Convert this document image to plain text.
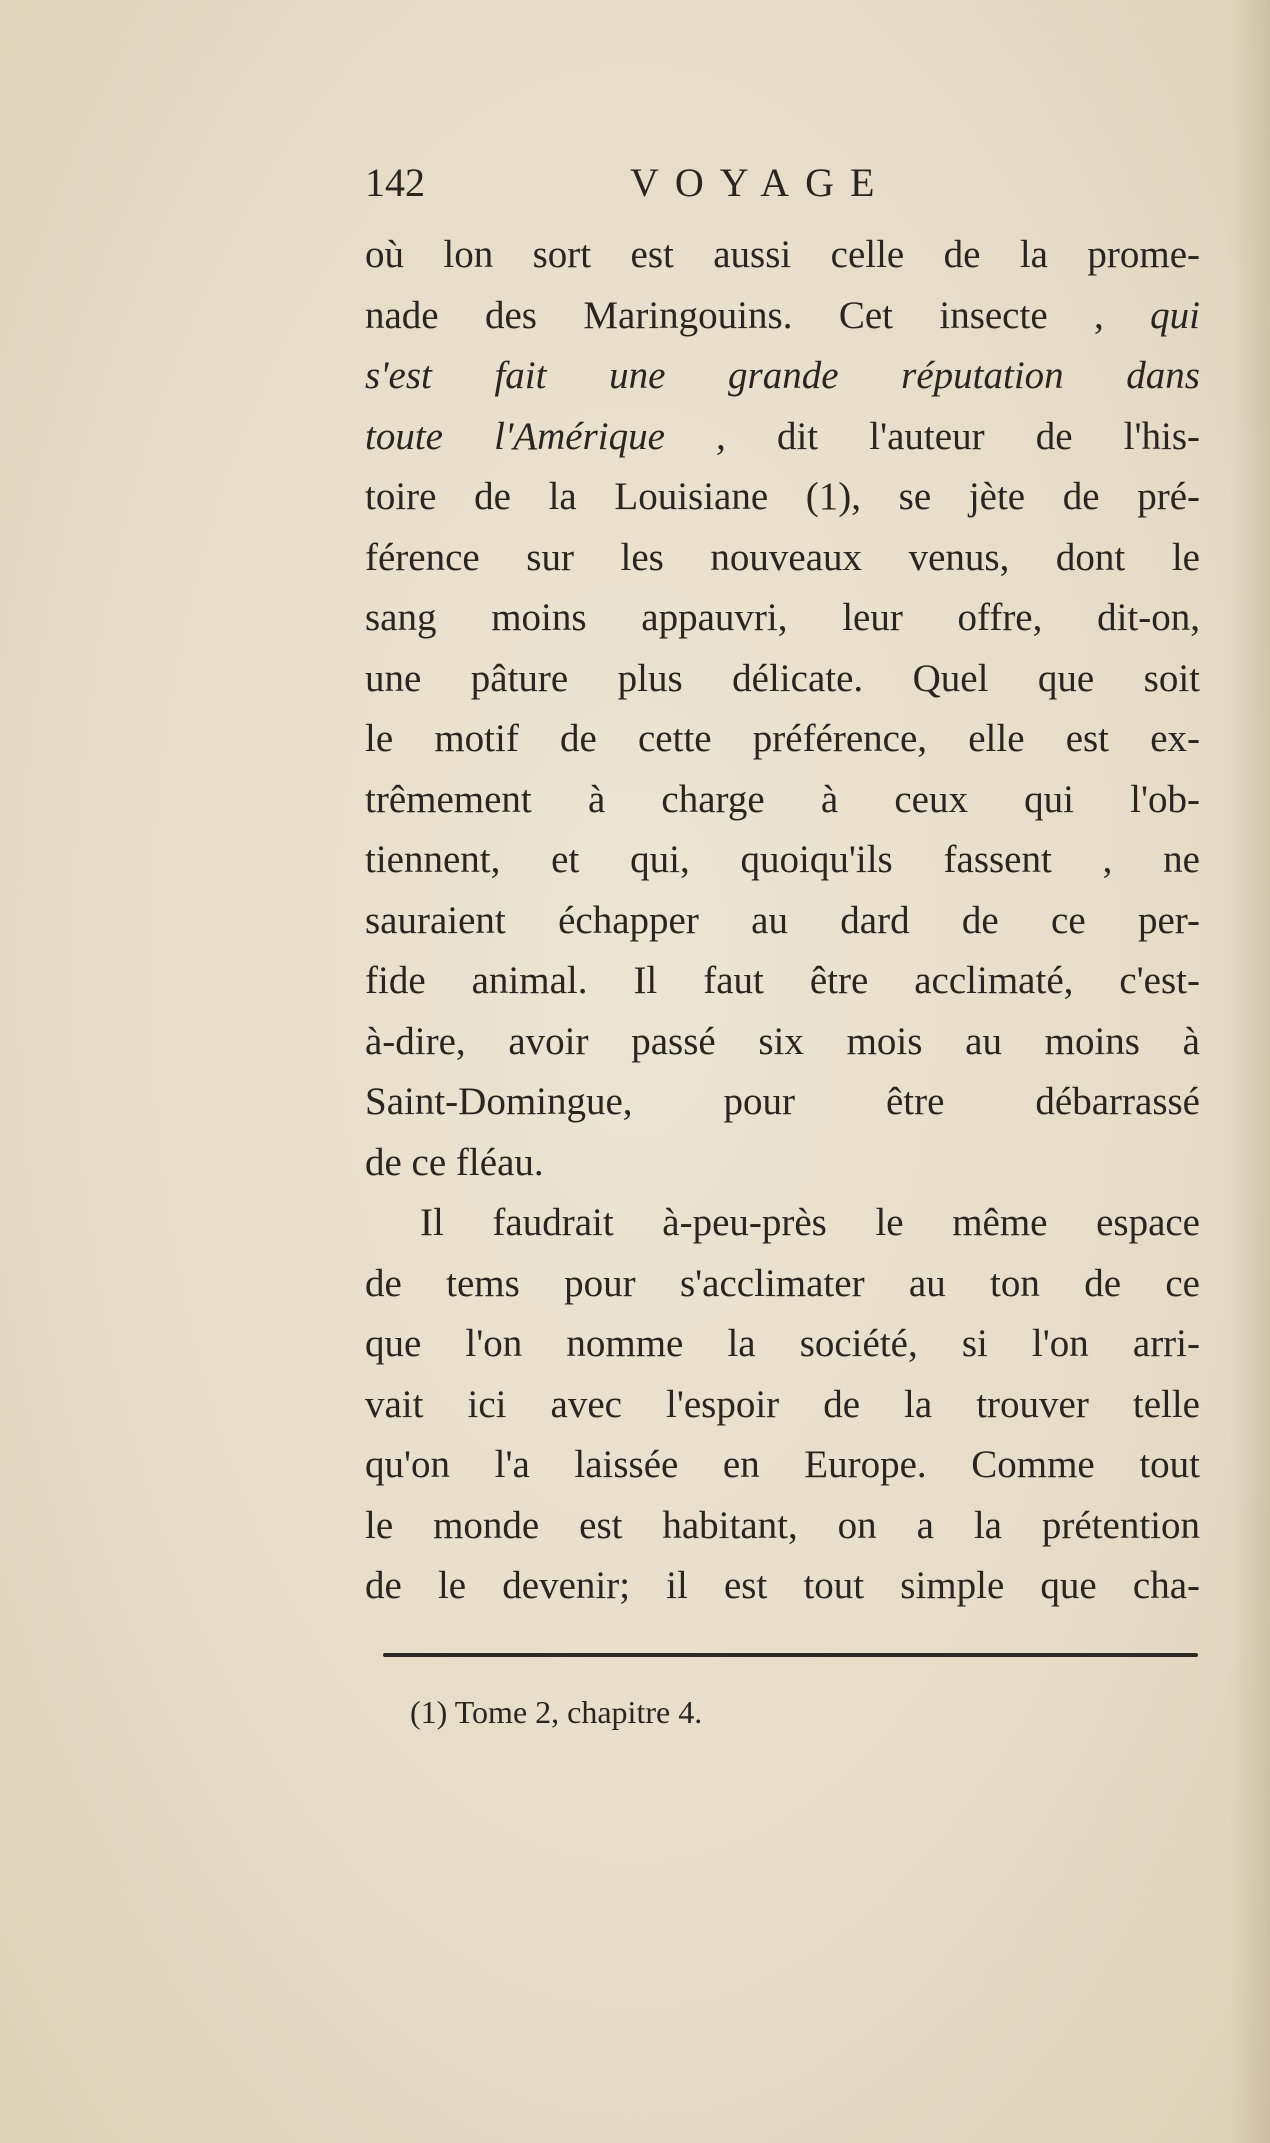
142	VOYAGE
où lon sort est aussi celle de la prome-
nade des Maringouins. Cet insecte , qui
s'est fait une grande réputation dans
toute l'Amérique , dit l'auteur de l'his-
toire de la Louisiane (1), se jète de pré-
férence sur les nouveaux venus, dont le
sang moins appauvri, leur offre, dit-on,
une pâture plus délicate. Quel que soit
le motif de cette préférence, elle est ex-
trêmement à charge à ceux qui l'ob-
tiennent, et qui, quoiqu'ils fassent , ne
sauraient échapper au dard de ce per-
fide animal. Il faut être acclimaté, c'est-
à-dire, avoir passé six mois au moins à
Saint-Domingue, pour être débarrassé
de ce fléau.
Il faudrait à-peu-près le même espace
de tems pour s'acclimater au ton de ce
que l'on nomme la société, si l'on arri-
vait ici avec l'espoir de la trouver telle
qu'on l'a laissée en Europe. Comme tout
le monde est habitant, on a la prétention
de le devenir; il est tout simple que cha-
(1) Tome 2, chapitre 4.
